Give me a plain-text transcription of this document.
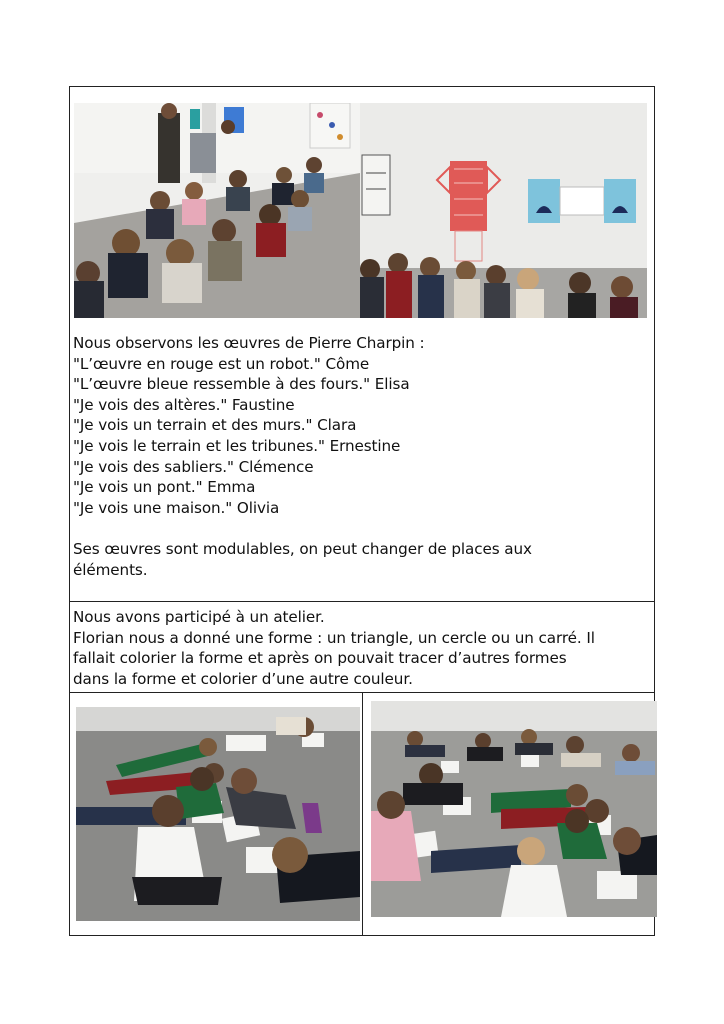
Nous observons les œuvres de Pierre Charpin :
"L’œuvre en rouge est un robot." Côme
"L’œuvre bleue ressemble à des fours." Elisa
"Je vois des altères." Faustine
"Je vois un terrain et des murs." Clara
"Je vois le terrain et les tribunes." Ernestine
"Je vois des sabliers." Clémence
"Je vois un pont." Emma
"Je vois une maison." Olivia
Ses œuvres sont modulables, on peut changer de places aux
éléments.
Nous avons participé à un atelier.
Florian nous a donné une forme : un triangle, un cercle ou un carré. Il
fallait colorier la forme et après on pouvait tracer d’autres formes
dans la forme et colorier d’une autre couleur.
